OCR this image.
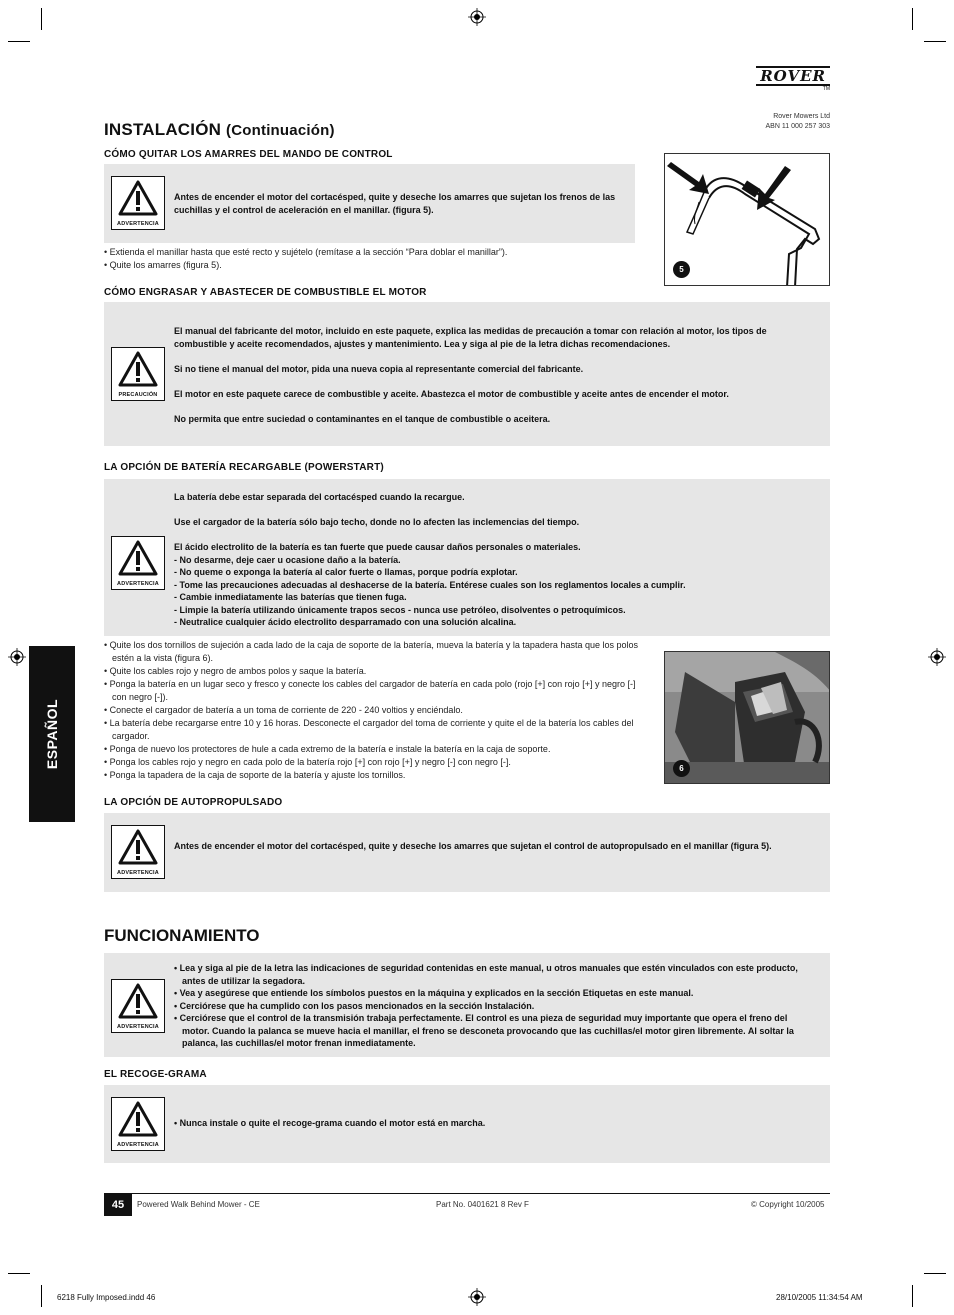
ROVER™
Rover Mowers Ltd
ABN 11 000 257 303
INSTALACIÓN (Continuación)
ESPAÑOL
CÓMO QUITAR LOS AMARRES DEL MANDO DE CONTROL
ADVERTENCIA
Antes de encender el motor del cortacésped, quite y deseche los amarres que sujetan los frenos de las cuchillas y el control de aceleración en el manillar. (figura 5).
• Extienda el manillar hasta que esté recto y sujételo (remítase a la sección “Para doblar el manillar”).
• Quite los amarres (figura 5).	5
CÓMO ENGRASAR Y ABASTECER DE COMBUSTIBLE EL MOTOR
PRECAUCIÓN

El manual del fabricante del motor, incluido en este paquete, explica las medidas de precaución a tomar con relación al motor, los tipos de combustible y aceite recomendados, ajustes y mantenimiento. Lea y siga al pie de la letra dichas recomendaciones.

Si no tiene el manual del motor, pida una nueva copia al representante comercial del fabricante.

El motor en este paquete carece de combustible y aceite. Abastezca el motor de combustible y aceite antes de encender el motor.

No permita que entre suciedad o contaminantes en el tanque de combustible o aceitera.

LA OPCIÓN DE BATERÍA RECARGABLE (POWERSTART)
ADVERTENCIA

La batería debe estar separada del cortacésped cuando la recargue.

Use el cargador de la batería sólo bajo techo, donde no lo afecten las inclemencias del tiempo.

El ácido electrolito de la batería es tan fuerte que puede causar daños personales o materiales.

- No desarme, deje caer u ocasione daño a la batería.
- No queme o exponga la batería al calor fuerte o llamas, porque podría explotar.
- Tome las precauciones adecuadas al deshacerse de la batería. Entérese cuales son los reglamentos locales a cumplir.
- Cambie inmediatamente las baterías que tienen fuga.
- Limpie la batería utilizando únicamente trapos secos - nunca use petróleo, disolventes o petroquímicos.
- Neutralice cualquier ácido electrolito desparramado con una solución alcalina.
• Quite los dos tornillos de sujeción a cada lado de la caja de soporte de la batería, mueva la batería y la tapadera hasta que los polos estén a la vista (figura 6).
• Quite los cables rojo y negro de ambos polos y saque la batería.
• Ponga la batería en un lugar seco y fresco y conecte los cables del cargador de batería en cada polo (rojo [+] con rojo [+] y negro [-] con negro [-]).
• Conecte el cargador de batería a un toma de corriente de 220 - 240 voltios y enciéndalo.
• La batería debe recargarse entre 10 y 16 horas. Desconecte el cargador del toma de corriente y quite el de la batería los cables del cargador.
• Ponga de nuevo los protectores de hule a cada extremo de la batería e instale la batería en la caja de soporte.
• Ponga los cables rojo y negro en cada polo de la batería rojo [+] con rojo [+] y negro [-] con negro [-].
• Ponga la tapadera de la caja de soporte de la batería y ajuste los tornillos.
6
LA OPCIÓN DE AUTOPROPULSADO
ADVERTENCIA
Antes de encender el motor del cortacésped, quite y deseche los amarres que sujetan el control de autopropulsado en el manillar (figura 5).
FUNCIONAMIENTO
ADVERTENCIA
• Lea y siga al pie de la letra las indicaciones de seguridad contenidas en este manual, u otros manuales que estén vinculados con este producto, antes de utilizar la segadora.
• Vea y asegúrese que entiende los símbolos puestos en la máquina y explicados en la sección Etiquetas en este manual.
• Cerciórese que ha cumplido con los pasos mencionados en la sección Instalación.
• Cerciórese que el control de la transmisión trabaja perfectamente. El control es una pieza de seguridad muy importante que opera el freno del motor. Cuando la palanca se mueve hacia el manillar, el freno se desconeta provocando que las cuchillas/el motor giren libremente. Al soltar la palanca, las cuchillas/el motor frenan inmediatamente.
EL RECOGE-GRAMA
ADVERTENCIA
• Nunca instale o quite el recoge-grama cuando el motor está en marcha.
45	Powered Walk Behind Mower - CE	Part No. 0401621 8 Rev F	© Copyright 10/2005
6218 Fully Imposed.indd 46	28/10/2005 11:34:54 AM
